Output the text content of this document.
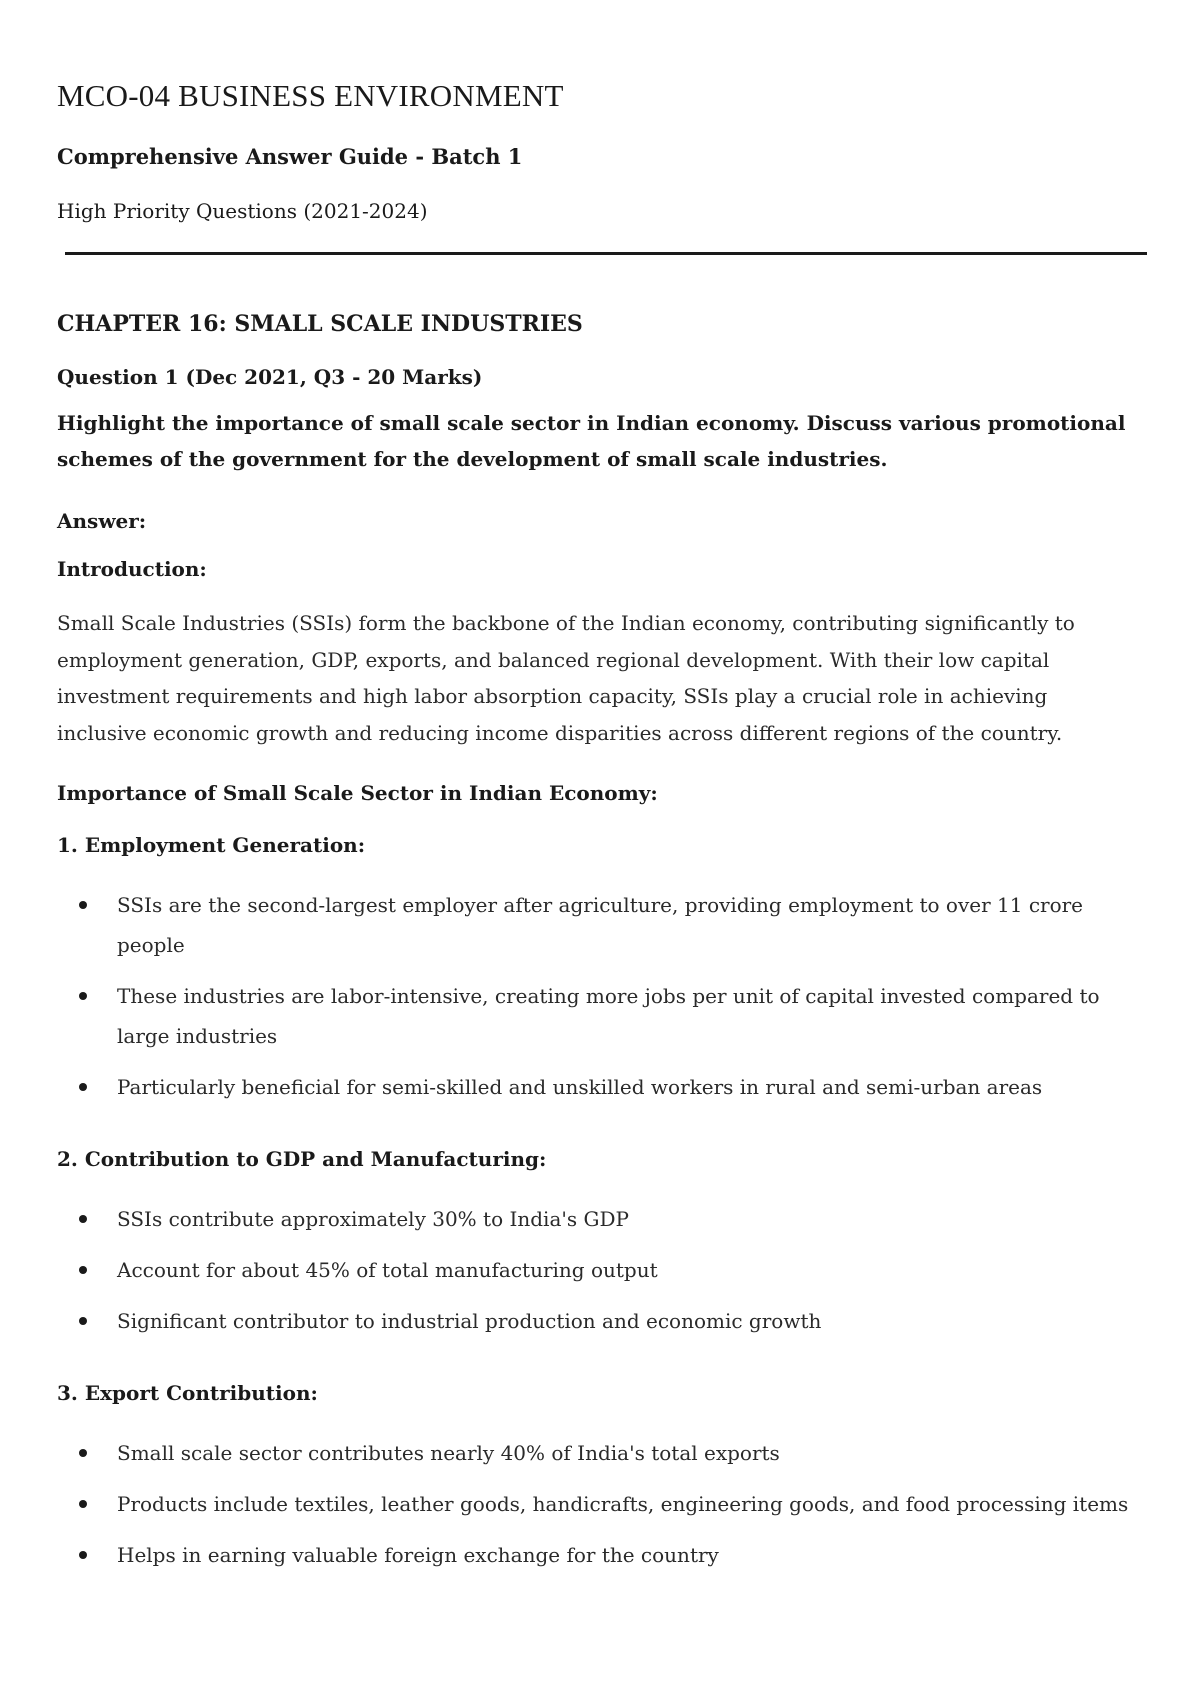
MCO-04 BUSINESS ENVIRONMENT
Comprehensive Answer Guide - Batch 1
High Priority Questions (2021-2024)
CHAPTER 16: SMALL SCALE INDUSTRIES
Question 1 (Dec 2021, Q3 - 20 Marks)
Highlight the importance of small scale sector in Indian economy. Discuss various promotional schemes of the government for the development of small scale industries.
Answer:
Introduction:

Small Scale Industries (SSIs) form the backbone of the Indian economy, contributing significantly to employment generation, GDP, exports, and balanced regional development. With their low capital investment requirements and high labor absorption capacity, SSIs play a crucial role in achieving inclusive economic growth and reducing income disparities across different regions of the country.

Importance of Small Scale Sector in Indian Economy:
1. Employment Generation:
SSIs are the second-largest employer after agriculture, providing employment to over 11 crore people
These industries are labor-intensive, creating more jobs per unit of capital invested compared to large industries
Particularly beneficial for semi-skilled and unskilled workers in rural and semi-urban areas
2. Contribution to GDP and Manufacturing:
SSIs contribute approximately 30% to India's GDP
Account for about 45% of total manufacturing output
Significant contributor to industrial production and economic growth
3. Export Contribution:
Small scale sector contributes nearly 40% of India's total exports
Products include textiles, leather goods, handicrafts, engineering goods, and food processing items
Helps in earning valuable foreign exchange for the country
